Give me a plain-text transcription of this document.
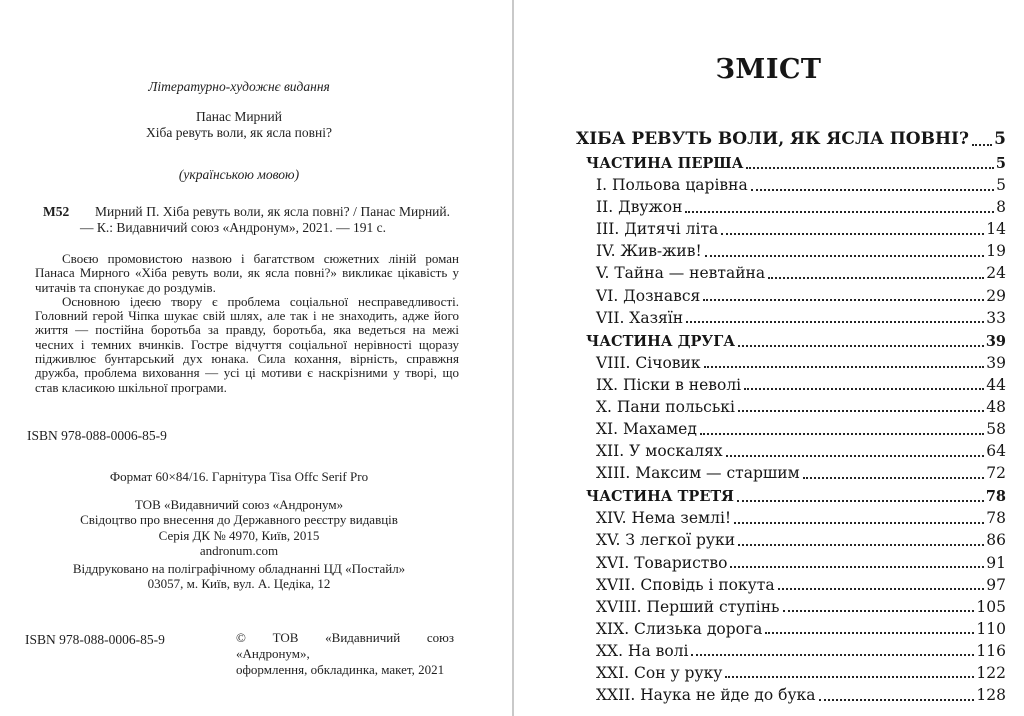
Літературно-художнє видання
Панас Мирний
Хіба ревуть воли, як ясла повні?
(українською мовою)
М52	Мирний П. Хіба ревуть воли, як ясла повні? / Панас Мирний. — К.: Видавничий союз «Андронум», 2021. — 191 с.

Своєю промовистою назвою і багатством сюжетних ліній роман Панаса Мирного «Хіба ревуть воли, як ясла повні?» викликає цікавість у читачів та спонукає до роздумів.

Основною ідеєю твору є проблема соціальної несправедливості. Головний герой Чіпка шукає свій шлях, але так і не знаходить, адже його життя — постійна боротьба за правду, боротьба, яка ведеться на межі чесних і темних вчинків. Гостре відчуття соціальної нерівності щоразу підживлює бунтарський дух юнака. Сила кохання, вірність, справжня дружба, проблема виховання — усі ці мотиви є наскрізними у творі, що став класикою шкільної програми.

ISBN 978-088-0006-85-9
Формат 60×84/16. Гарнітура Tisa Offc Serif Pro
ТОВ «Видавничий союз «Андронум»
Свідоцтво про внесення до Державного реєстру видавців
Серія ДК № 4970, Київ, 2015
andronum.com
Віддруковано на поліграфічному обладнанні ЦД «Постайл»
03057, м. Київ, вул. А. Цедіка, 12
ISBN 978-088-0006-85-9	© ТОВ «Видавничий союз «Андронум»,
оформлення, обкладинка, макет, 2021
ЗМІСТ
ХІБА РЕВУТЬ ВОЛИ, ЯК ЯСЛА ПОВНІ? 5
ЧАСТИНА ПЕРША	5
I. Польова царівна	5
II. Двужон	8
III. Дитячі літа	14
IV. Жив-жив!	19
V. Тайна — невтайна	24
VI. Дознався	29
VII. Хазяїн	33
ЧАСТИНА ДРУГА	39
VIII. Січовик	39
IX. Піски в неволі	44
X. Пани польські	48
XI. Махамед	58
XII. У москалях	64
XIII. Максим — старшим	72
ЧАСТИНА ТРЕТЯ	78
XIV. Нема землі!	78
XV. З легкої руки	86
XVI. Товариство	91
XVII. Сповідь і покута	97
XVIII. Перший ступінь	105
XIX. Слизька дорога	110
XX. На волі	116
XXI. Сон у руку	122
XXII. Наука не йде до бука	128
